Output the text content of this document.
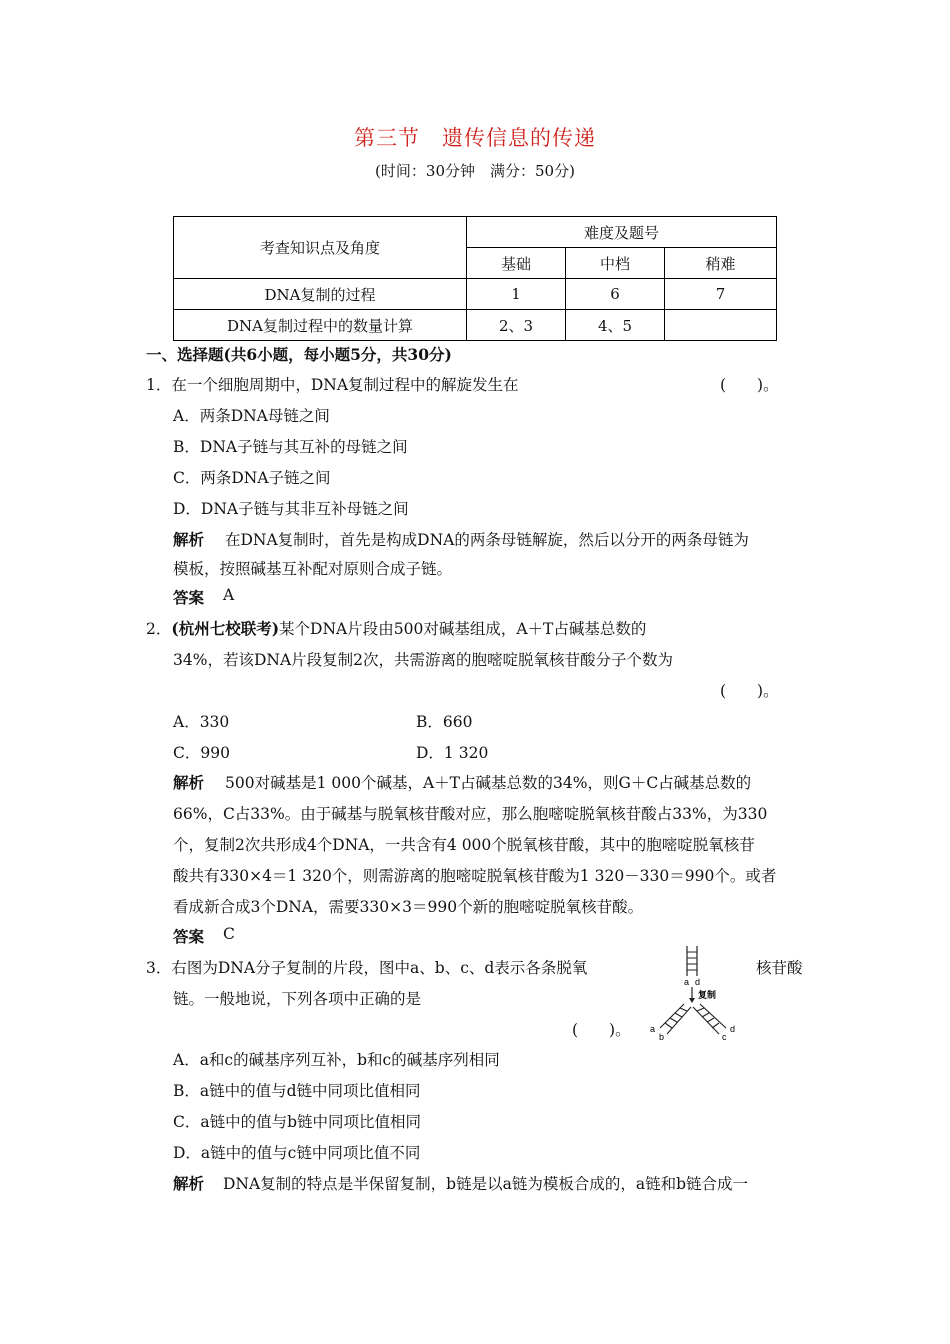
第三节　遗传信息的传递
(时间：30分钟　满分：50分)
考查知识点及角度	难度及题号		
	基础	中档	稍难
DNA复制的过程	1	6	7
DNA复制过程中的数量计算	2、3	4、5	
一、选择题(共6小题，每小题5分，共30分)
1．在一个细胞周期中，DNA复制过程中的解旋发生在	(　　)。
A．两条DNA母链之间
B．DNA子链与其互补的母链之间
C．两条DNA子链之间
D．DNA子链与其非互补母链之间
解析 在DNA复制时，首先是构成DNA的两条母链解旋，然后以分开的两条母链为
模板，按照碱基互补配对原则合成子链。
答案 A
2．(杭州七校联考)某个DNA片段由500对碱基组成，A＋T占碱基总数的
34%，若该DNA片段复制2次，共需游离的胞嘧啶脱氧核苷酸分子个数为
(　　)。
A．330	B．660
C．990	D．1 320
解析 500对碱基是1 000个碱基，A＋T占碱基总数的34%，则G＋C占碱基总数的
66%，C占33%。由于碱基与脱氧核苷酸对应，那么胞嘧啶脱氧核苷酸占33%，为330
个，复制2次共形成4个DNA，一共含有4 000个脱氧核苷酸，其中的胞嘧啶脱氧核苷
酸共有330×4＝1 320个，则需游离的胞嘧啶脱氧核苷酸为1 320－330＝990个。或者
看成新合成3个DNA，需要330×3＝990个新的胞嘧啶脱氧核苷酸。
答案 C
3．右图为DNA分子复制的片段，图中a、b、c、d表示各条脱氧	核苷酸
链。一般地说，下列各项中正确的是
(　　)。
a d
复制
a
b
d
c
A．a和c的碱基序列互补，b和c的碱基序列相同
B．a链中的值与d链中同项比值相同
C．a链中的值与b链中同项比值相同
D．a链中的值与c链中同项比值不同
解析 DNA复制的特点是半保留复制，b链是以a链为模板合成的，a链和b链合成一
